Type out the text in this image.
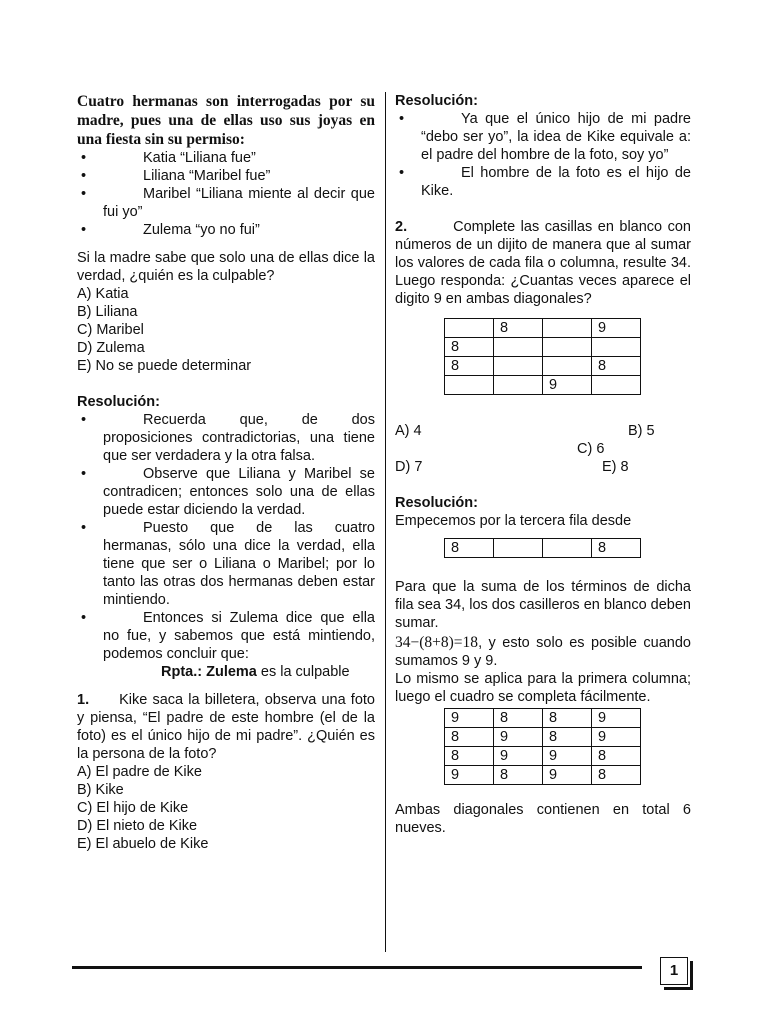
Cuatro hermanas son interrogadas por su madre, pues una de ellas uso sus joyas en una fiesta sin su permiso:

•	Katia “Liliana fue”
•	Liliana “Maribel fue”
•	Maribel “Liliana miente al decir que fui yo”
•	Zulema “yo no fui”

Si la madre sabe que solo una de ellas dice la verdad, ¿quién es la culpable?

A) Katia

B) Liliana

C) Maribel

D) Zulema

E) No se puede determinar

Resolución:

•	Recuerda que, de dos proposiciones contradictorias, una tiene que ser verdadera y la otra falsa.
•	Observe que Liliana y Maribel se contradicen; entonces solo una de ellas puede estar diciendo la verdad.
•	Puesto que de las cuatro hermanas, sólo una dice la verdad, ella tiene que ser o Liliana o Maribel; por lo tanto las otras dos hermanas deben estar mintiendo.
•	Entonces si Zulema dice que ella no fue, y sabemos que está mintiendo, podemos concluir que:

Rpta.: Zulema es la culpable

1. Kike saca la billetera, observa una foto y piensa, “El padre de este hombre (el de la foto) es el único hijo de mi padre”. ¿Quién es la persona de la foto?

A) El padre de Kike

B) Kike

C) El hijo de Kike

D) El nieto de Kike

E) El abuelo de Kike

Resolución:

•	Ya que el único hijo de mi padre “debo ser yo”, la idea de Kike equivale a: el padre del hombre de la foto, soy yo”
•	El hombre de la foto es el hijo de Kike.

2.	Complete las casillas en blanco con números de un dijito de manera que al sumar los valores de cada fila o columna, resulte 34. Luego responda: ¿Cuantas veces aparece el digito 9 en ambas diagonales?

	8		9
8			
8			8
		9	
A) 4	B) 5
C) 6
D) 7	E) 8

Resolución:

Empecemos por la tercera fila desde

8			8

Para que la suma de los términos de dicha fila sea 34, los dos casilleros en blanco deben sumar.

34−(8+8)=18, y esto solo es posible cuando sumamos 9 y 9.

Lo mismo se aplica para la primera columna; luego el cuadro se completa fácilmente.

9	8	8	9
8	9	8	9
8	9	9	8
9	8	9	8

Ambas diagonales contienen en total 6 nueves.

1
